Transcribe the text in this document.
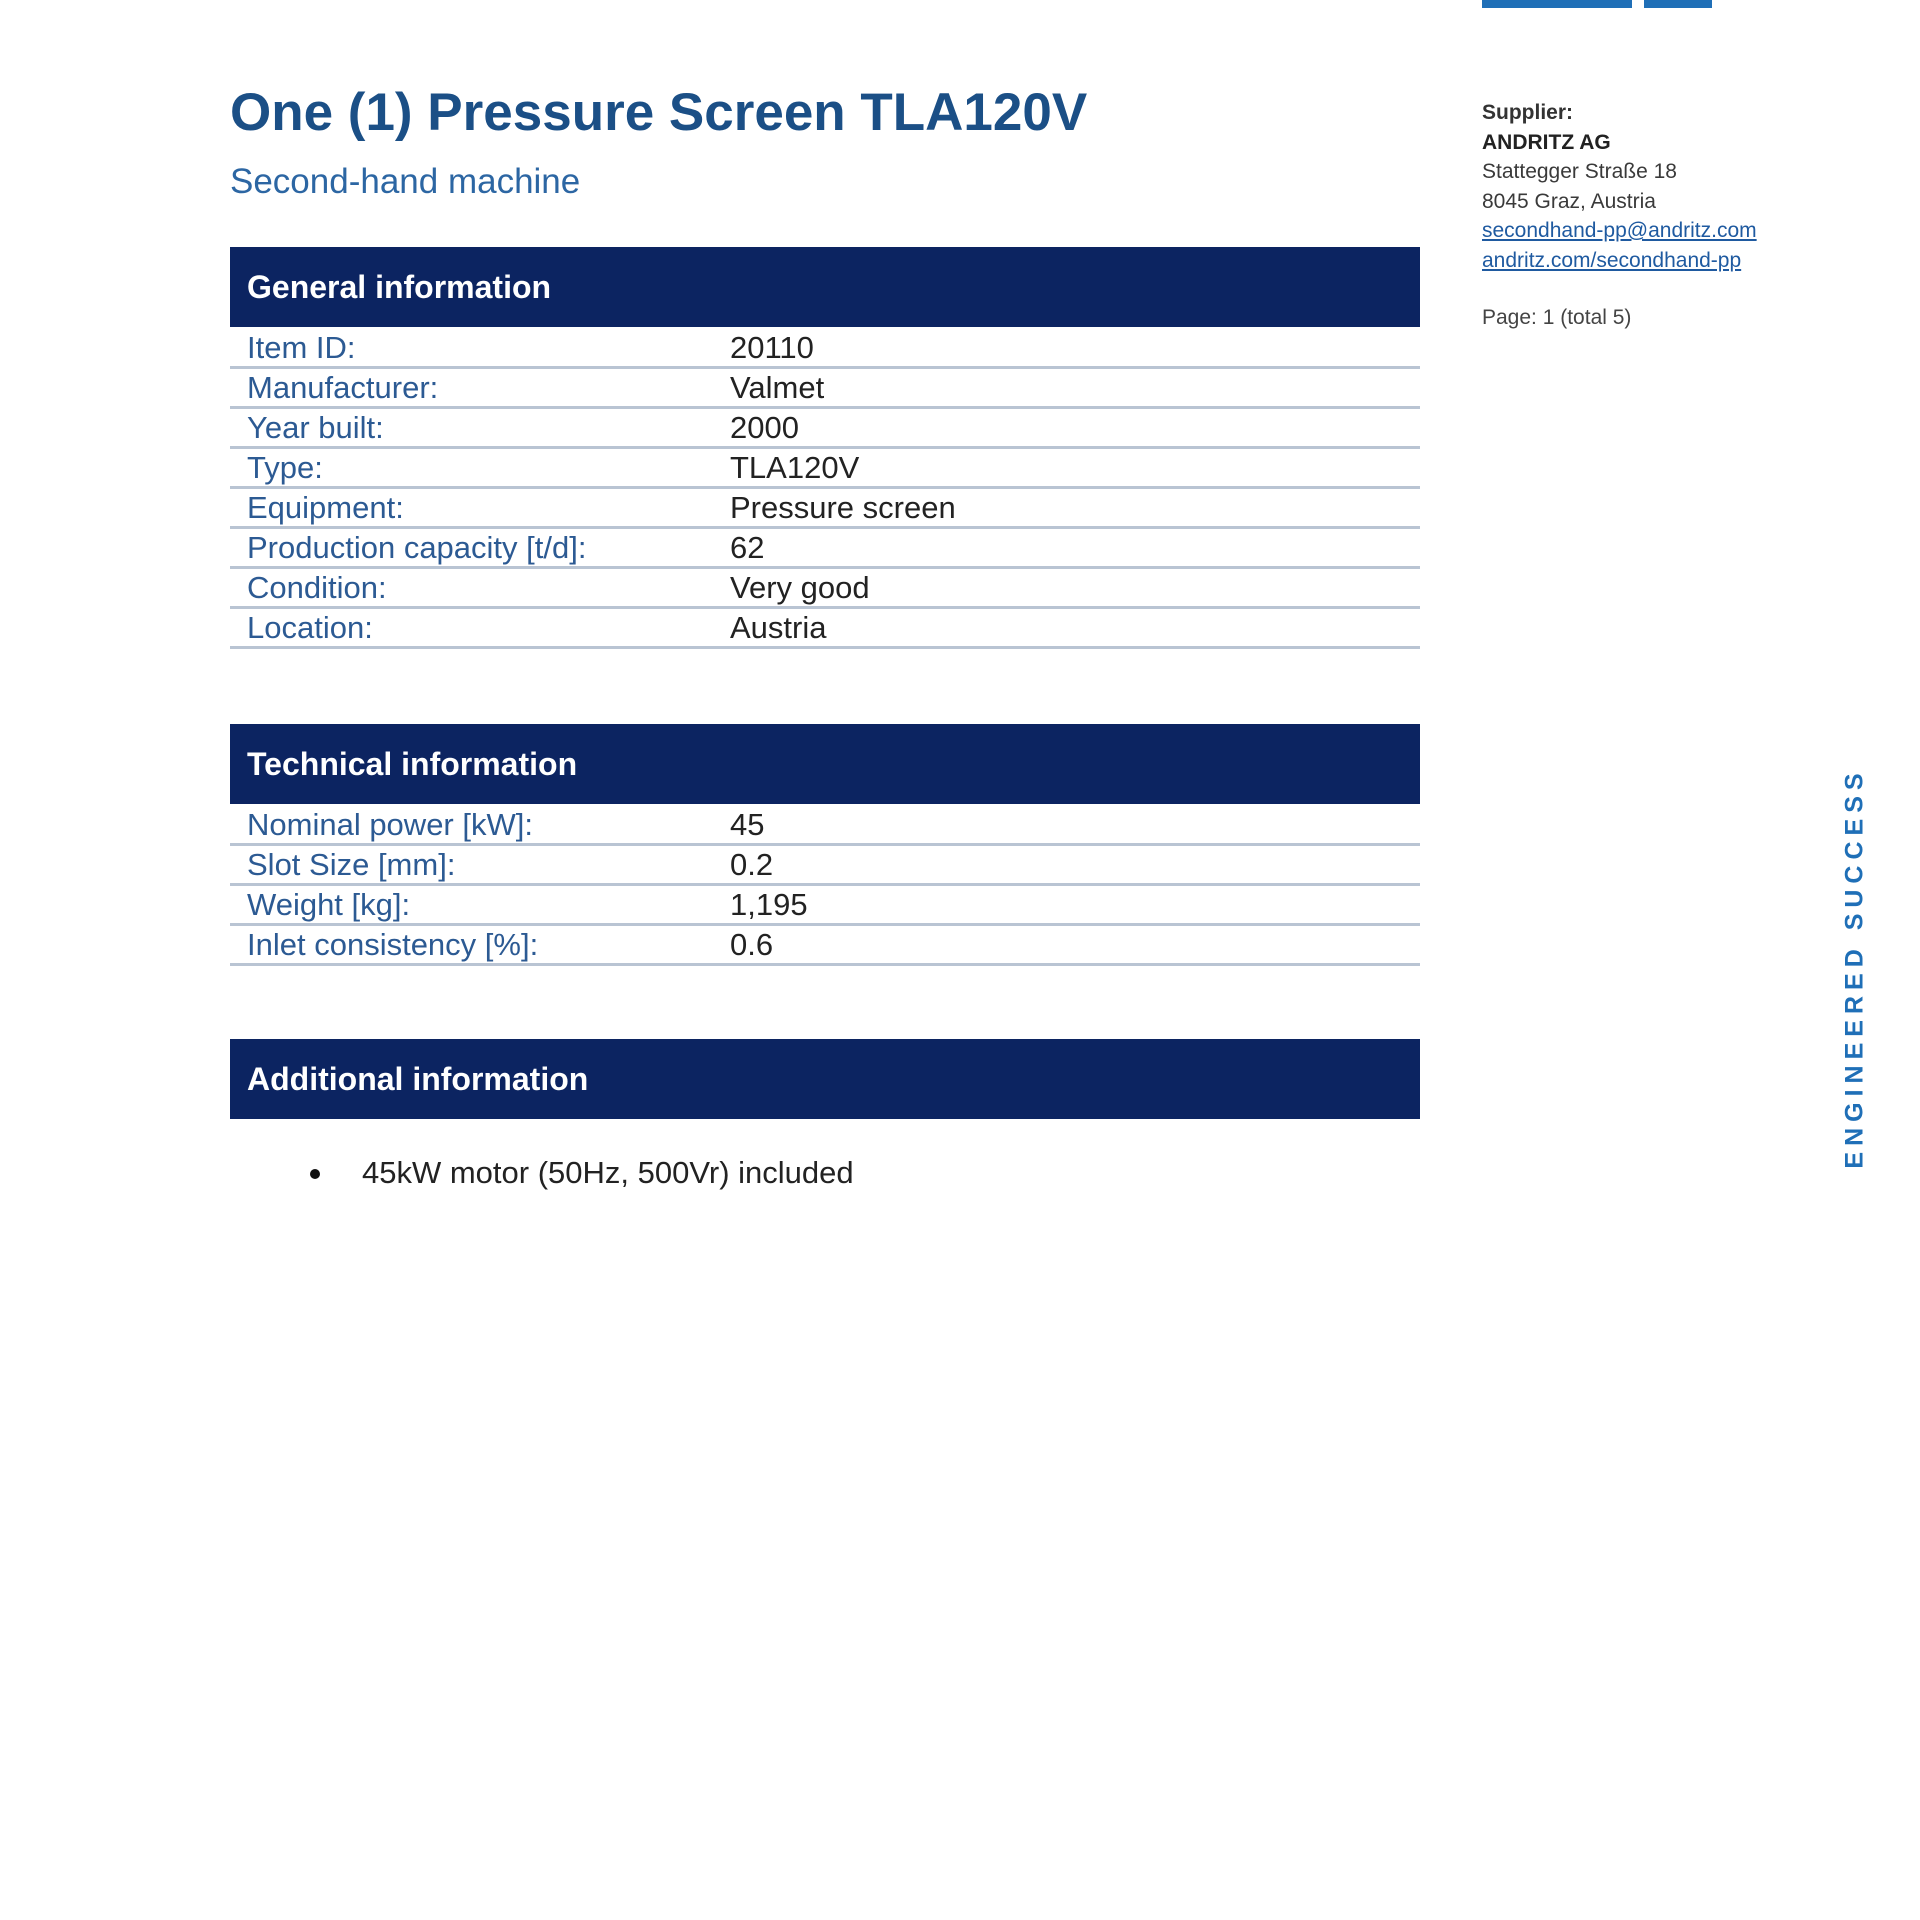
One (1) Pressure Screen TLA120V
Second-hand machine
General information
Item ID:	20110
Manufacturer:	Valmet
Year built:	2000
Type:	TLA120V
Equipment:	Pressure screen
Production capacity [t/d]:	62
Condition:	Very good
Location:	Austria
Technical information
Nominal power [kW]:	45
Slot Size [mm]:	0.2
Weight [kg]:	1,195
Inlet consistency [%]:	0.6
Additional information
45kW motor (50Hz, 500Vr) included
Supplier:
ANDRITZ AG
Stattegger Straße 18
8045 Graz, Austria
secondhand-pp@andritz.com
andritz.com/secondhand-pp
Page: 1 (total 5)
ENGINEERED SUCCESS
